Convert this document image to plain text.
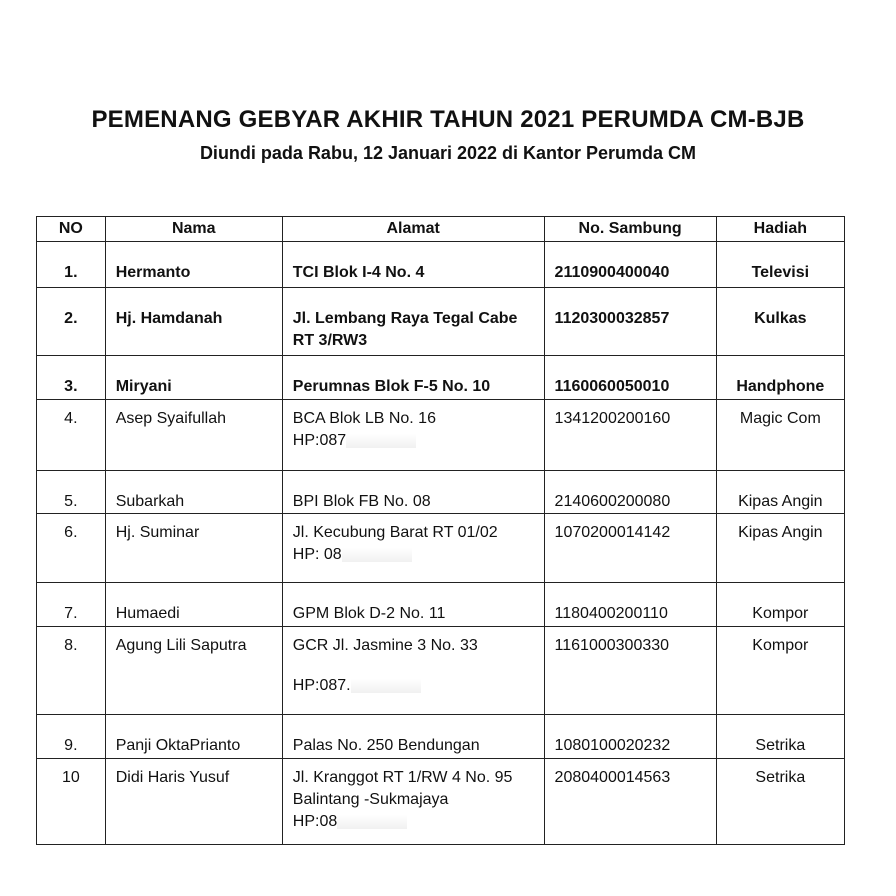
PEMENANG GEBYAR AKHIR TAHUN 2021 PERUMDA CM-BJB
Diundi pada Rabu, 12 Januari 2022 di Kantor Perumda CM
NO	Nama	Alamat	No. Sambung	Hadiah
1.	Hermanto	TCI Blok I-4 No. 4	2110900400040	Televisi
2.	Hj. Hamdanah	Jl. Lembang Raya Tegal Cabe
RT 3/RW3	1120300032857	Kulkas
3.	Miryani	Perumnas Blok F-5 No. 10	1160060050010	Handphone
4.	Asep Syaifullah	BCA Blok LB No. 16
HP:087	1341200200160	Magic Com
5.	Subarkah	BPI Blok FB No. 08	2140600200080	Kipas Angin
6.	Hj. Suminar	Jl. Kecubung Barat RT 01/02
HP: 08	1070200014142	Kipas Angin
7.	Humaedi	GPM Blok D-2 No. 11	1180400200110	Kompor
8.	Agung Lili Saputra	GCR Jl. Jasmine 3 No. 33
HP:087.	1161000300330	Kompor
9.	Panji OktaPrianto	Palas No. 250 Bendungan	1080100020232	Setrika
10	Didi Haris Yusuf	Jl. Kranggot RT 1/RW 4 No. 95
Balintang -Sukmajaya
HP:08	2080400014563	Setrika
